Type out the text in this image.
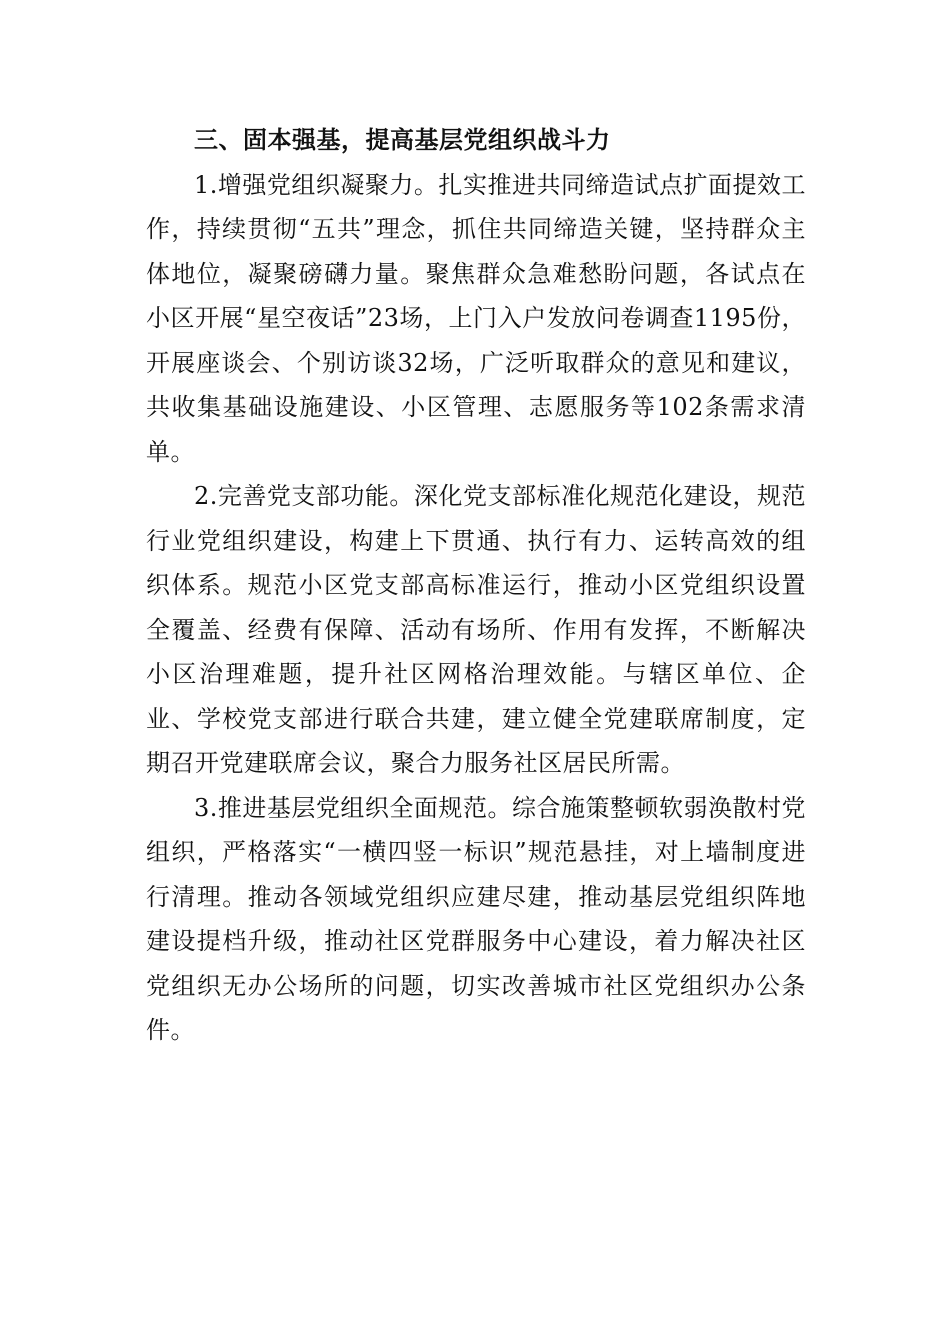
三、固本强基，提高基层党组织战斗力

1.增强党组织凝聚力。扎实推进共同缔造试点扩面提效工作，持续贯彻“五共”理念，抓住共同缔造关键，坚持群众主体地位，凝聚磅礴力量。聚焦群众急难愁盼问题，各试点在小区开展“星空夜话”23场，上门入户发放问卷调查1195份，开展座谈会、个别访谈32场，广泛听取群众的意见和建议，共收集基础设施建设、小区管理、志愿服务等102条需求清单。

2.完善党支部功能。深化党支部标准化规范化建设，规范行业党组织建设，构建上下贯通、执行有力、运转高效的组织体系。规范小区党支部高标准运行，推动小区党组织设置全覆盖、经费有保障、活动有场所、作用有发挥，不断解决小区治理难题，提升社区网格治理效能。与辖区单位、企业、学校党支部进行联合共建，建立健全党建联席制度，定期召开党建联席会议，聚合力服务社区居民所需。

3.推进基层党组织全面规范。综合施策整顿软弱涣散村党组织，严格落实“一横四竖一标识”规范悬挂，对上墙制度进行清理。推动各领域党组织应建尽建，推动基层党组织阵地建设提档升级，推动社区党群服务中心建设，着力解决社区党组织无办公场所的问题，切实改善城市社区党组织办公条件。
